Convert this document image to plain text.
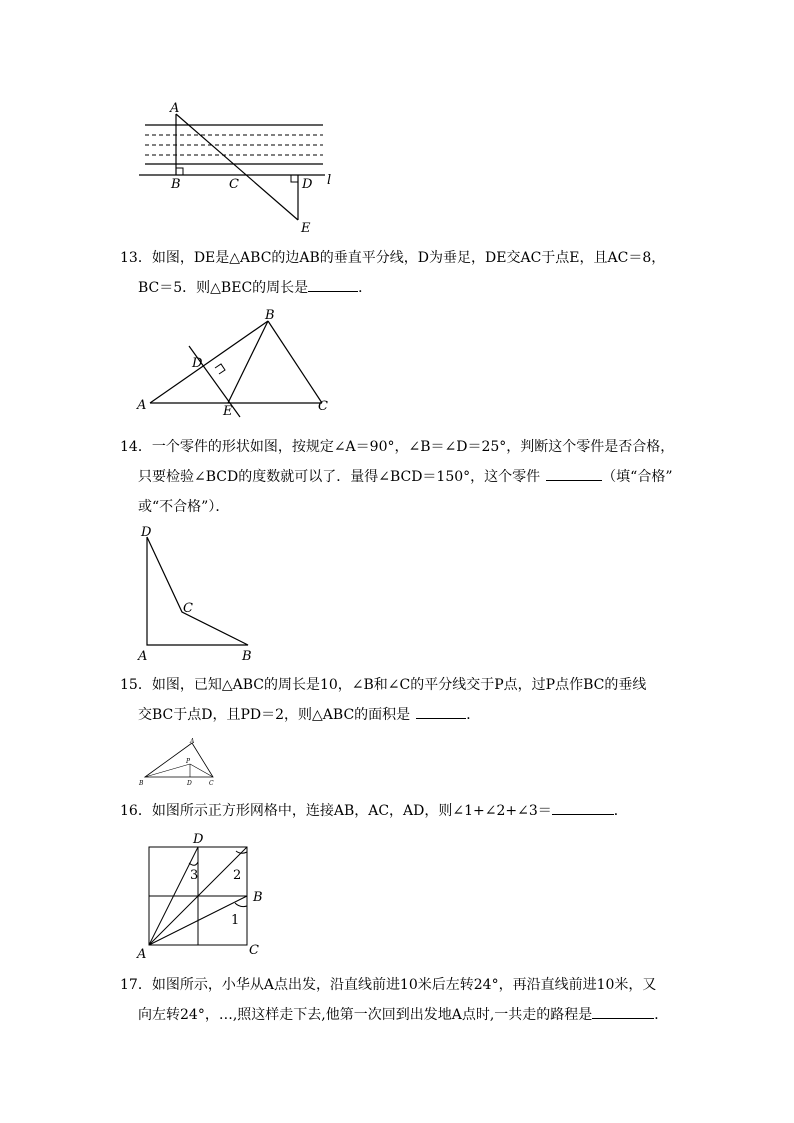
A
B	C	D
E
l

13．如图，DE是△ABC的边AB的垂直平分线，D为垂足，DE交AC于点E，且AC＝8，

BC＝5．则△BEC的周长是	．

A
B
C
D
E

14．一个零件的形状如图，按规定∠A＝90°，∠B＝∠D＝25°，判断这个零件是否合格，

只要检验∠BCD的度数就可以了．量得∠BCD＝150°，这个零件	（填“合格”

或“不合格”）．

D
C
A	B

15．如图，已知△ABC的周长是10，∠B和∠C的平分线交于P点，过P点作BC的垂线

交BC于点D，且PD＝2，则△ABC的面积是	．

A
B	C
D
P

16．如图所示正方形网格中，连接AB，AC，AD，则∠1+∠2+∠3＝	．

D
B
C
A
3	2
1

17．如图所示，小华从A点出发，沿直线前进10米后左转24°，再沿直线前进10米，又

向左转24°，…,照这样走下去,他第一次回到出发地A点时,一共走的路程是	．
